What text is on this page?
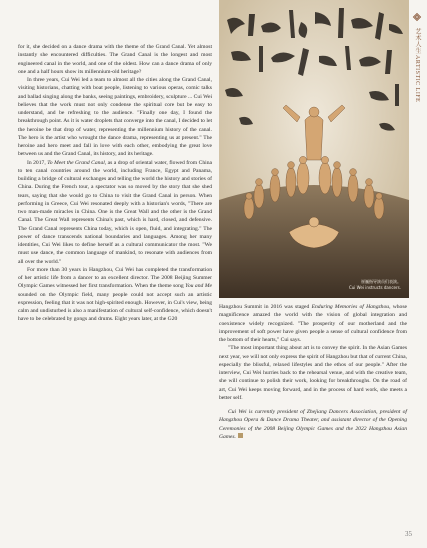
for it, she decided on a dance drama with the theme of the Grand Canal. Yet almost instantly she encountered difficulties. The Grand Canal is the longest and most engineered canal in the world, and one of the oldest. How can a dance drama of only one and a half hours show its millennium-old heritage?

In three years, Cui Wei led a team to almost all the cities along the Grand Canal, visiting historians, chatting with boat people, listening to various operas, comic talks and ballad singing along the banks, seeing paintings, embroidery, sculpture ... Cui Wei believes that the work must not only condense the spiritual core but be easy to understand, and be refreshing to the audience. "Finally one day, I found the breakthrough point. As it is water droplets that converge into the canal, I decided to let the heroine be that drop of water, representing the millennium history of the canal. The hero is the artist who wrought the dance drama, representing us at present." The heroine and hero meet and fall in love with each other, embodying the great love between us and the Grand Canal, its history, and its heritage.

In 2017, To Meet the Grand Canal, as a drop of oriental water, flowed from China to ten canal countries around the world, including France, Egypt and Panama, building a bridge of cultural exchanges and telling the world the history and stories of China. During the French tour, a spectator was so moved by the story that she shed tears, saying that she would go to China to visit the Grand Canal in person. When performing in Greece, Cui Wei resonated deeply with a historian's words, "There are two man-made miracles in China. One is the Great Wall and the other is the Grand Canal. The Great Wall represents China's past, which is hard, closed, and defensive. The Grand Canal represents China today, which is open, fluid, and integrating." The power of dance transcends national boundaries and languages. Among her many identities, Cui Wei likes to define herself as a cultural communicator the most. "We must use dance, the common language of mankind, to resonate with audiences from all over the world."

For more than 30 years in Hangzhou, Cui Wei has completed the transformation of her artistic life from a dancer to an excellent director. The 2008 Beijing Summer Olympic Games witnessed her first transformation. When the theme song You and Me sounded on the Olympic field, many people could not accept such an artistic expression, feeling that it was not high-spirited enough. However, in Cui's view, being calm and undisturbed is also a manifestation of cultural self-confidence, which doesn't have to be celebrated by gongs and drums. Eight years later, at the G20

崔巍指导演员们表演。
Cui Wei instructs dancers.

Hangzhou Summit in 2016 was staged Enduring Memories of Hangzhou, whose magnificence amazed the world with the vision of global integration and coexistence widely recognized. "The prosperity of our motherland and the improvement of soft power have given people a sense of cultural confidence from the bottom of their hearts," Cui says.

"The most important thing about art is to convey the spirit. In the Asian Games next year, we will not only express the spirit of Hangzhou but that of current China, especially the blissful, relaxed lifestyles and the ethos of our people." After the interview, Cui Wei hurries back to the rehearsal venue, and with the creative team, she will continue to polish their work, looking for breakthroughs. On the road of art, Cui Wei keeps moving forward, and in the process of hard work, she meets a better self.

Cui Wei is currently president of Zhejiang Dancers Association, president of Hangzhou Opera & Dance Drama Theater, and assistant director of the Opening Ceremonies of the 2008 Beijing Olympic Games and the 2022 Hangzhou Asian Games.

艺术人生 ARTISTIC LIFE
35
